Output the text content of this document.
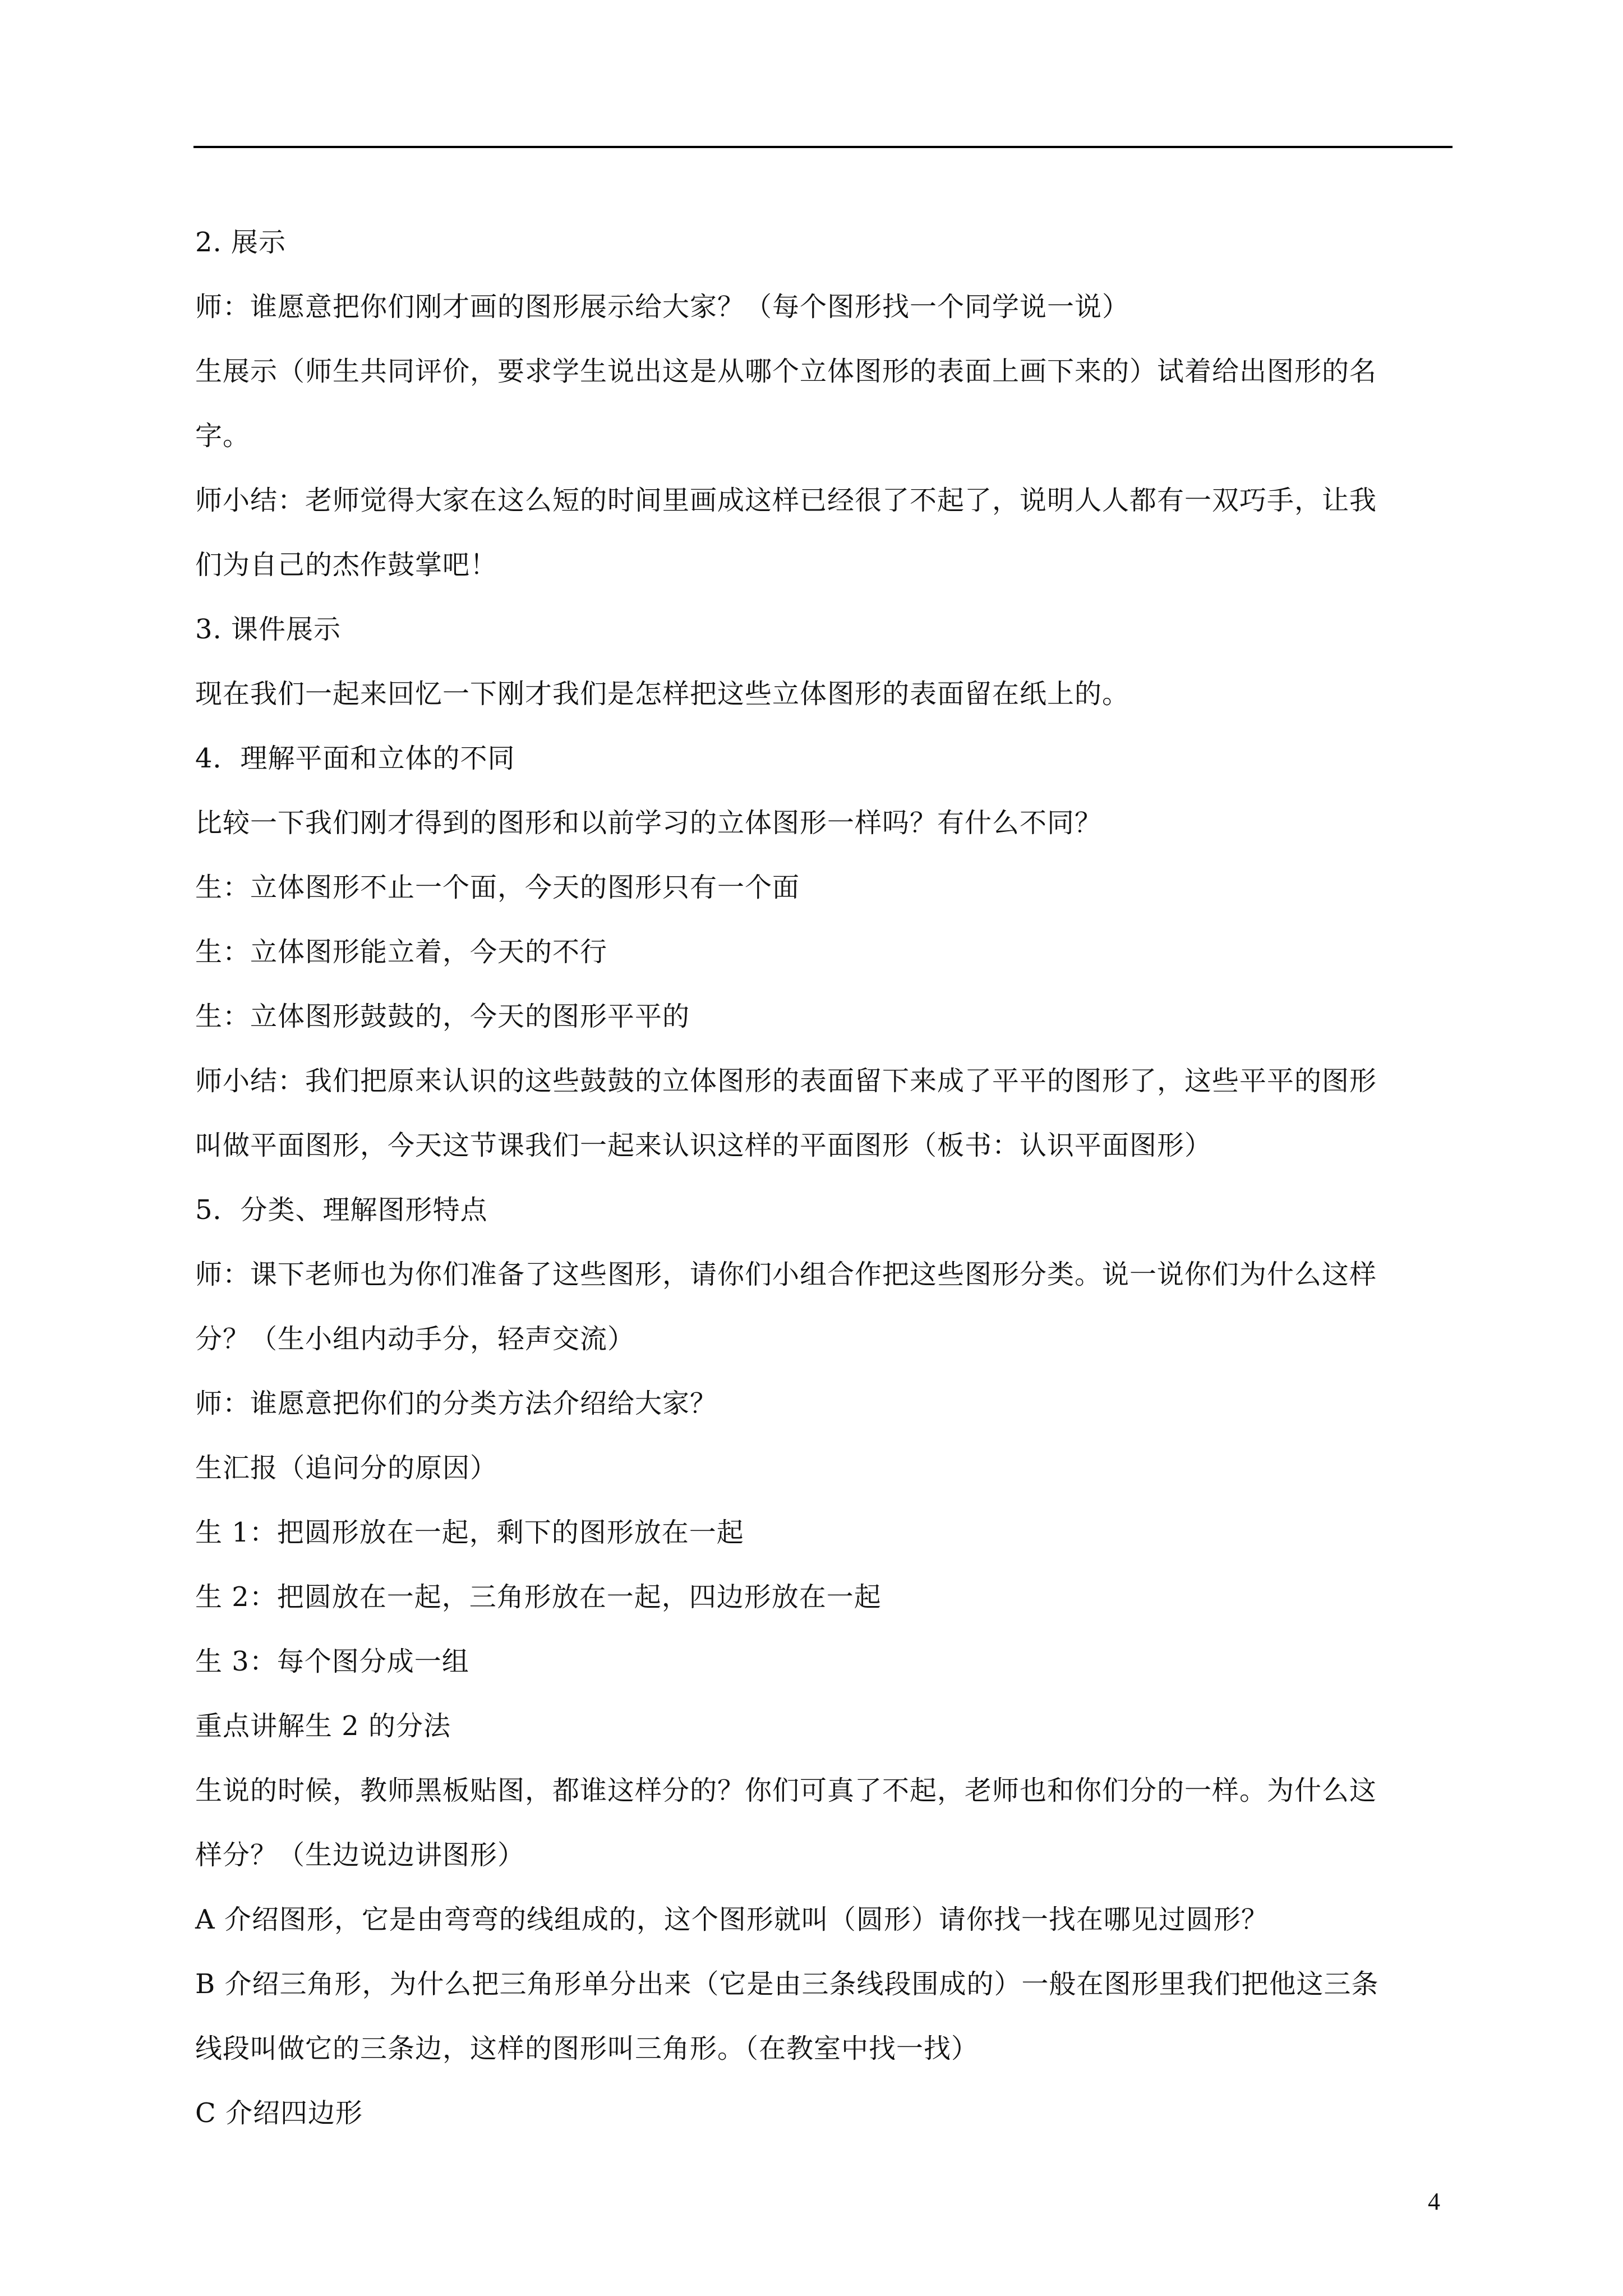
2. 展示
师：谁愿意把你们刚才画的图形展示给大家？（每个图形找一个同学说一说）
生展示（师生共同评价，要求学生说出这是从哪个立体图形的表面上画下来的）试着给出图形的名
字。
师小结：老师觉得大家在这么短的时间里画成这样已经很了不起了，说明人人都有一双巧手，让我
们为自己的杰作鼓掌吧！
3. 课件展示
现在我们一起来回忆一下刚才我们是怎样把这些立体图形的表面留在纸上的。
4．理解平面和立体的不同
比较一下我们刚才得到的图形和以前学习的立体图形一样吗？有什么不同？
生：立体图形不止一个面，今天的图形只有一个面
生：立体图形能立着，今天的不行
生：立体图形鼓鼓的，今天的图形平平的
师小结：我们把原来认识的这些鼓鼓的立体图形的表面留下来成了平平的图形了，这些平平的图形
叫做平面图形，今天这节课我们一起来认识这样的平面图形（板书：认识平面图形）
5．分类、理解图形特点
师：课下老师也为你们准备了这些图形，请你们小组合作把这些图形分类。说一说你们为什么这样
分？（生小组内动手分，轻声交流）
师：谁愿意把你们的分类方法介绍给大家？
生汇报（追问分的原因）
生 1：把圆形放在一起，剩下的图形放在一起
生 2：把圆放在一起，三角形放在一起，四边形放在一起
生 3：每个图分成一组
重点讲解生 2 的分法
生说的时候，教师黑板贴图，都谁这样分的？你们可真了不起，老师也和你们分的一样。为什么这
样分？（生边说边讲图形）
A 介绍图形，它是由弯弯的线组成的，这个图形就叫（圆形）请你找一找在哪见过圆形？
B 介绍三角形，为什么把三角形单分出来（它是由三条线段围成的）一般在图形里我们把他这三条
线段叫做它的三条边，这样的图形叫三角形。（在教室中找一找）
C 介绍四边形
4
